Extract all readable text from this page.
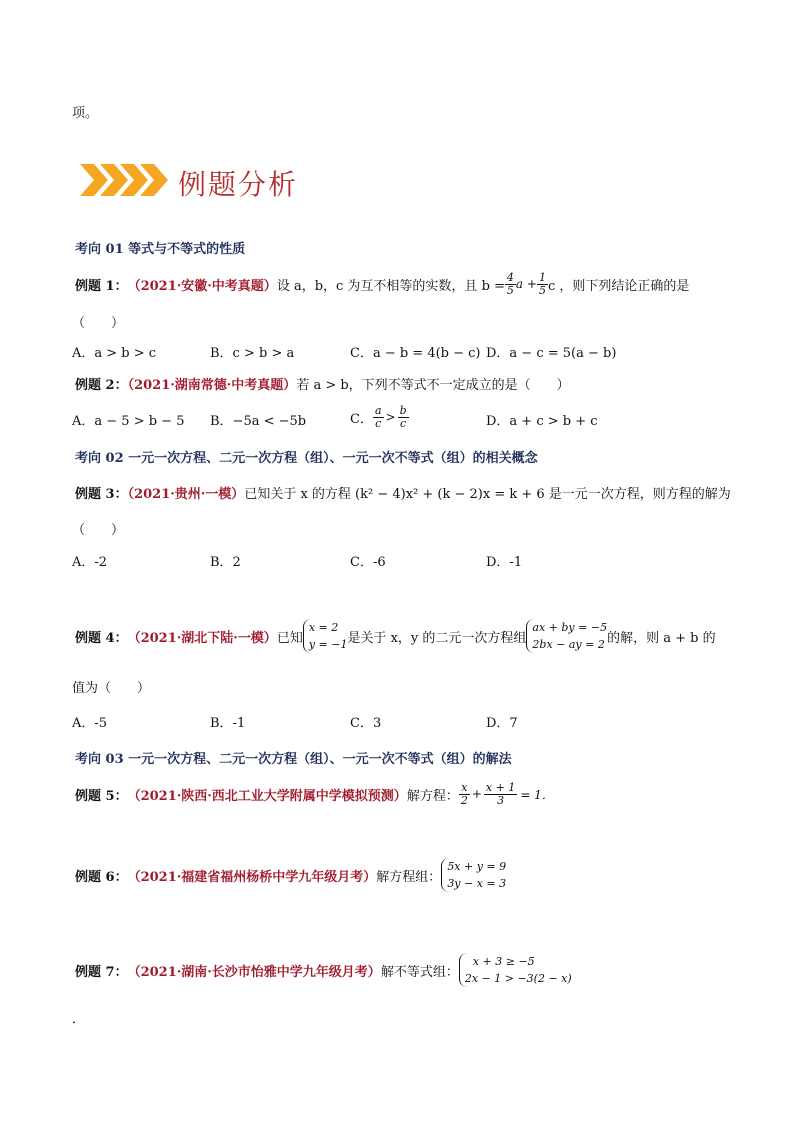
项。
例题分析
考向 01 等式与不等式的性质
例题 1： （2021·安徽·中考真题） 设 a，b，c 为互不相等的实数，且 $b = \frac{4}{5}$ $a + \frac{1}{5}$ c ，则下列结论正确的是
（　　）
A．a > b > c	B．c > b > a	C．a − b = 4(b − c) D．a − c = 5(a − b)
例题 2：（2021·湖南常德·中考真题）若 a > b，下列不等式不一定成立的是（　　）
A．a − 5 > b − 5 B．−5a < −5b	C． $\frac{a}{c} > \frac{b}{c}$	D．a + c > b + c
考向 02 一元一次方程、二元一次方程（组）、一元一次不等式（组）的相关概念
例题 3：（2021·贵州·一模）已知关于 x 的方程 (k² − 4)x² + (k − 2)x = k + 6 是一元一次方程，则方程的解为
（　　）
A．-2	B．2	C．-6	D．-1
例题 4： （2021·湖北下陆·一模） 已知
x = 2
y = −1 是关于 x，y 的二元一次方程组
ax + by = −5
2bx − ay = 2 的解，则 a + b 的
值为（　　）
A．-5	B．-1	C．3	D．7
考向 03 一元一次方程、二元一次方程（组）、一元一次不等式（组）的解法
例题 5： （2021·陕西·西北工业大学附属中学模拟预测） 解方程： $\frac{x}{2} + \frac{x + 1}{3} = 1$．
例题 6： （2021·福建省福州杨桥中学九年级月考） 解方程组：
5x + y = 9
3y − x = 3
例题 7： （2021·湖南·长沙市怡雅中学九年级月考） 解不等式组：
x + 3 ≥ −5
2x − 1 > −3(2 − x)
．
